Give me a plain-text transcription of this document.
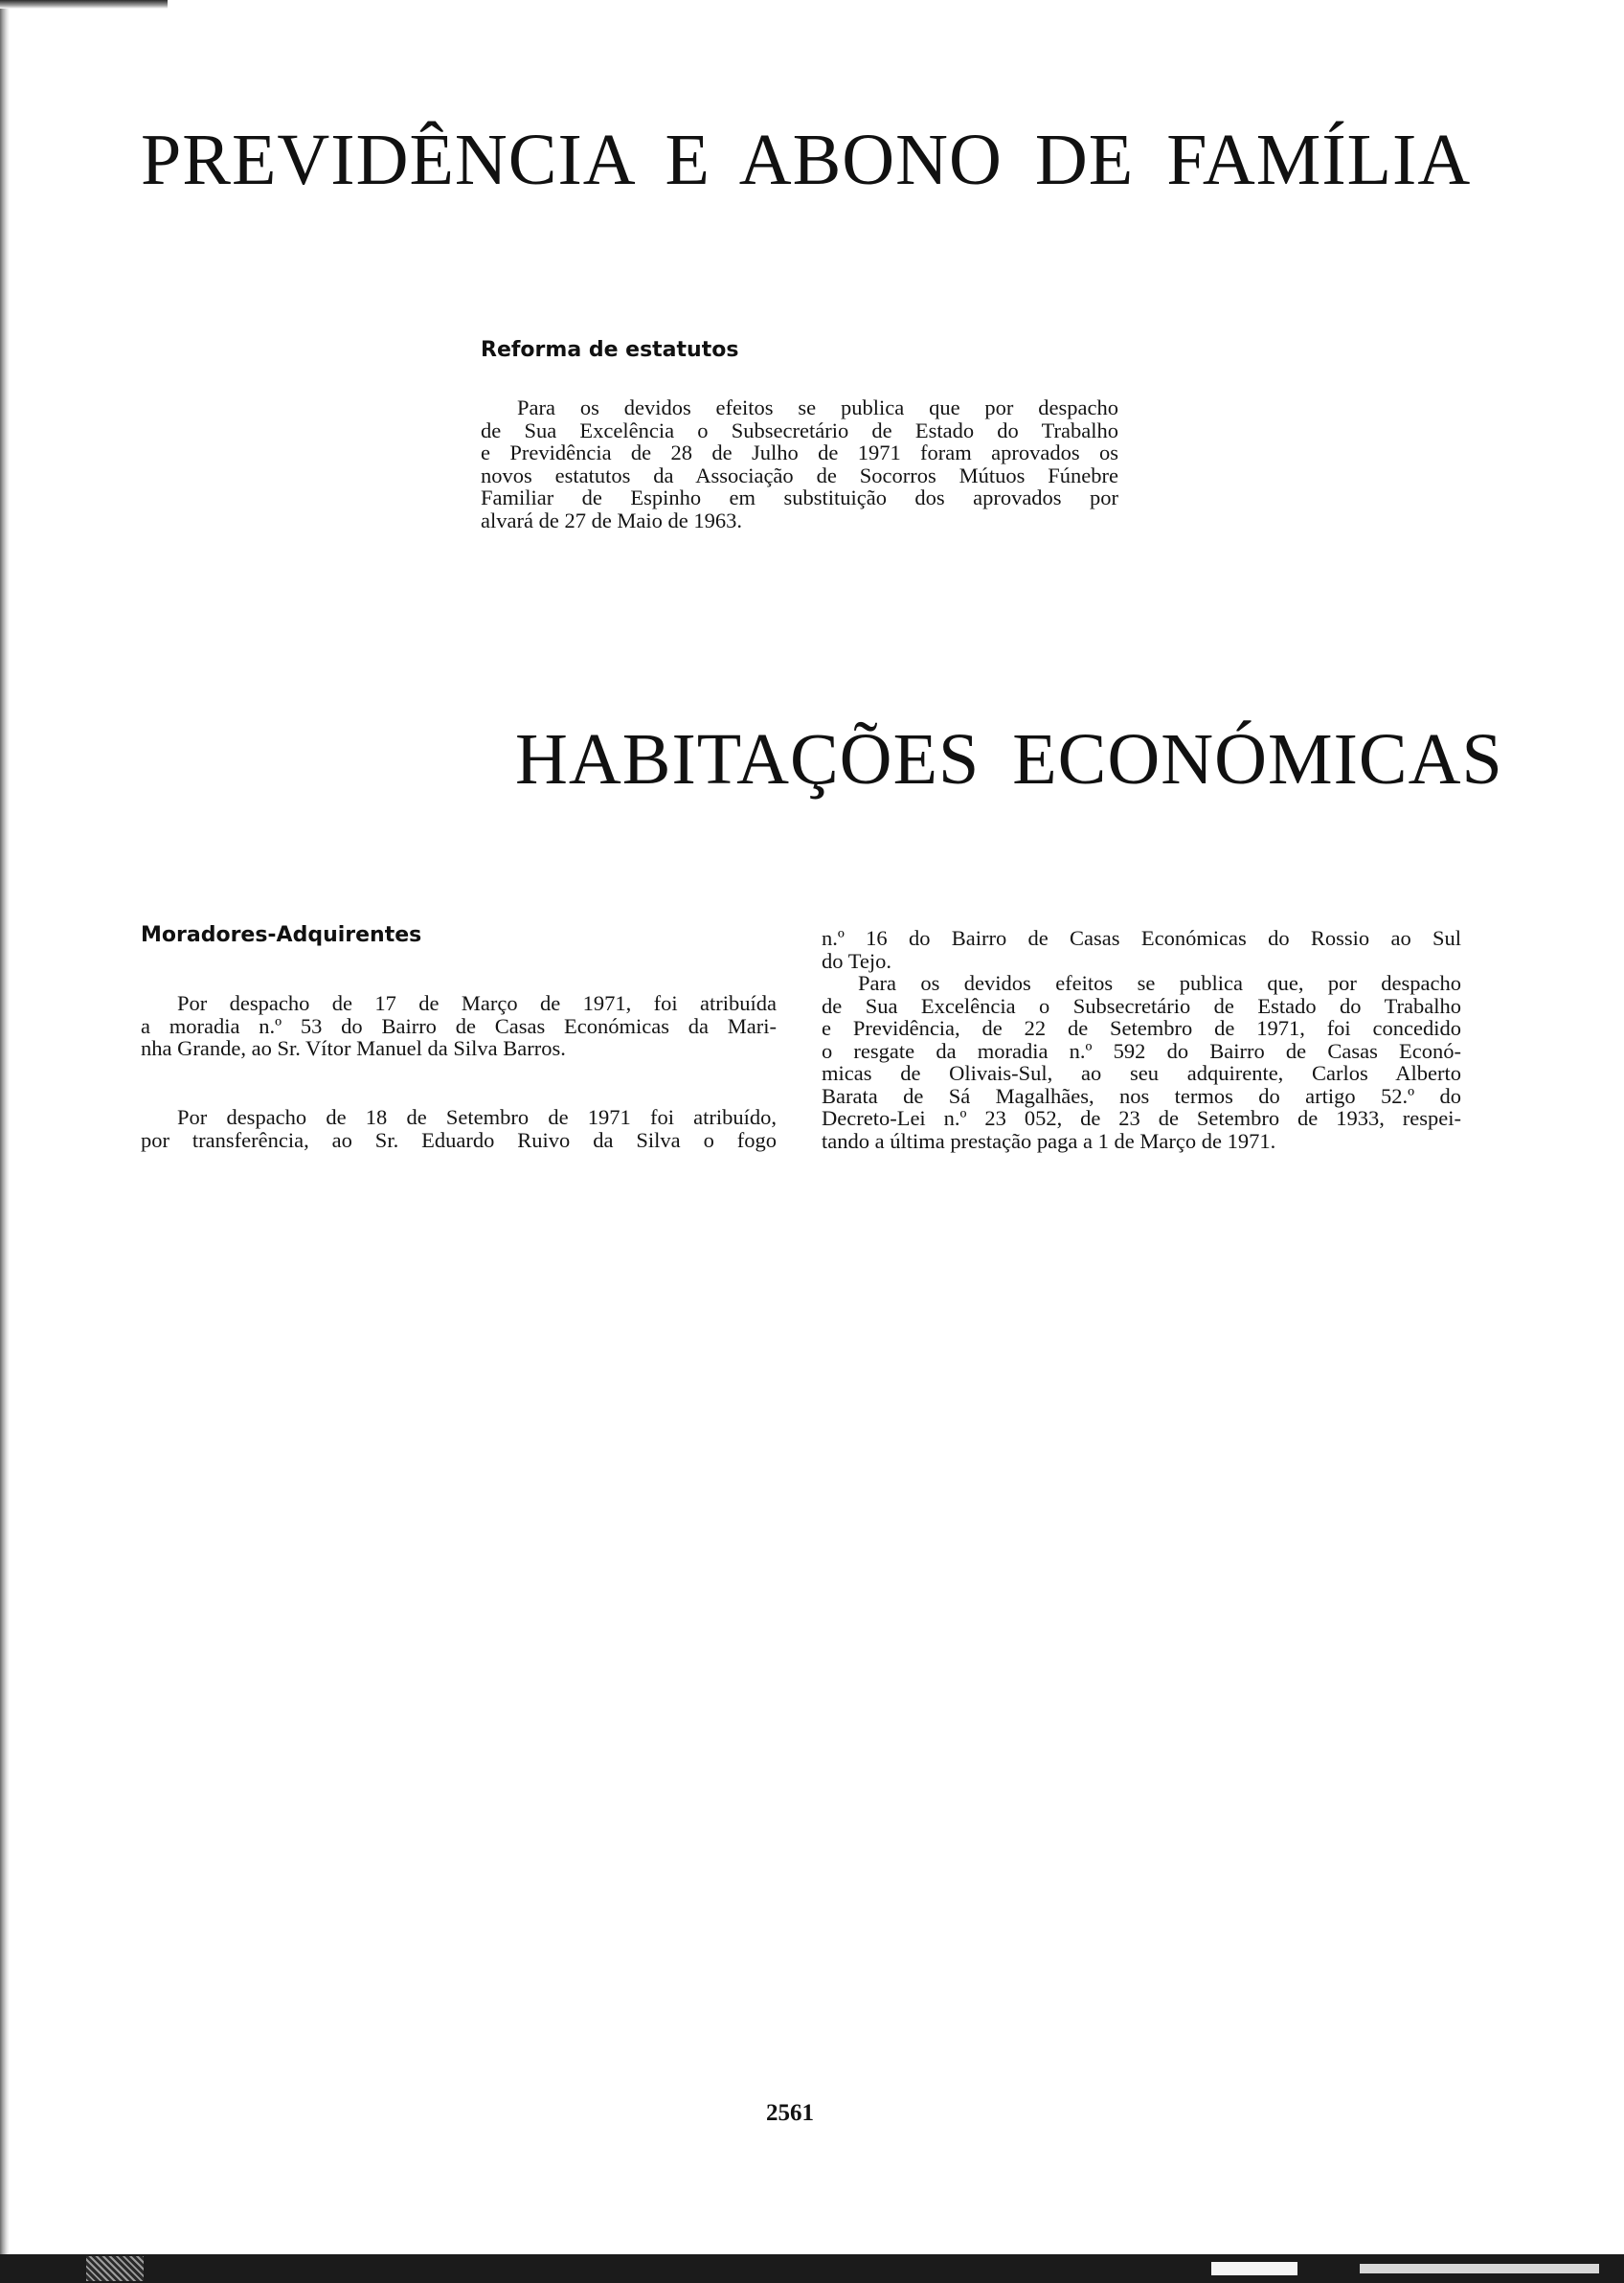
PREVIDÊNCIA E ABONO DE FAMÍLIA
Reforma de estatutos
Para os devidos efeitos se publica que por despacho
de Sua Excelência o Subsecretário de Estado do Trabalho
e Previdência de 28 de Julho de 1971 foram aprovados os
novos estatutos da Associação de Socorros Mútuos Fúnebre
Familiar de Espinho em substituição dos aprovados por
alvará de 27 de Maio de 1963.
HABITAÇÕES ECONÓMICAS
Moradores-Adquirentes
Por despacho de 17 de Março de 1971, foi atribuída
a moradia n.º 53 do Bairro de Casas Económicas da Mari-
nha Grande, ao Sr. Vítor Manuel da Silva Barros.
Por despacho de 18 de Setembro de 1971 foi atribuído,
por transferência, ao Sr. Eduardo Ruivo da Silva o fogo
n.º 16 do Bairro de Casas Económicas do Rossio ao Sul
do Tejo.
Para os devidos efeitos se publica que, por despacho
de Sua Excelência o Subsecretário de Estado do Trabalho
e Previdência, de 22 de Setembro de 1971, foi concedido
o resgate da moradia n.º 592 do Bairro de Casas Econó-
micas de Olivais-Sul, ao seu adquirente, Carlos Alberto
Barata de Sá Magalhães, nos termos do artigo 52.º do
Decreto-Lei n.º 23 052, de 23 de Setembro de 1933, respei-
tando a última prestação paga a 1 de Março de 1971.

2561
